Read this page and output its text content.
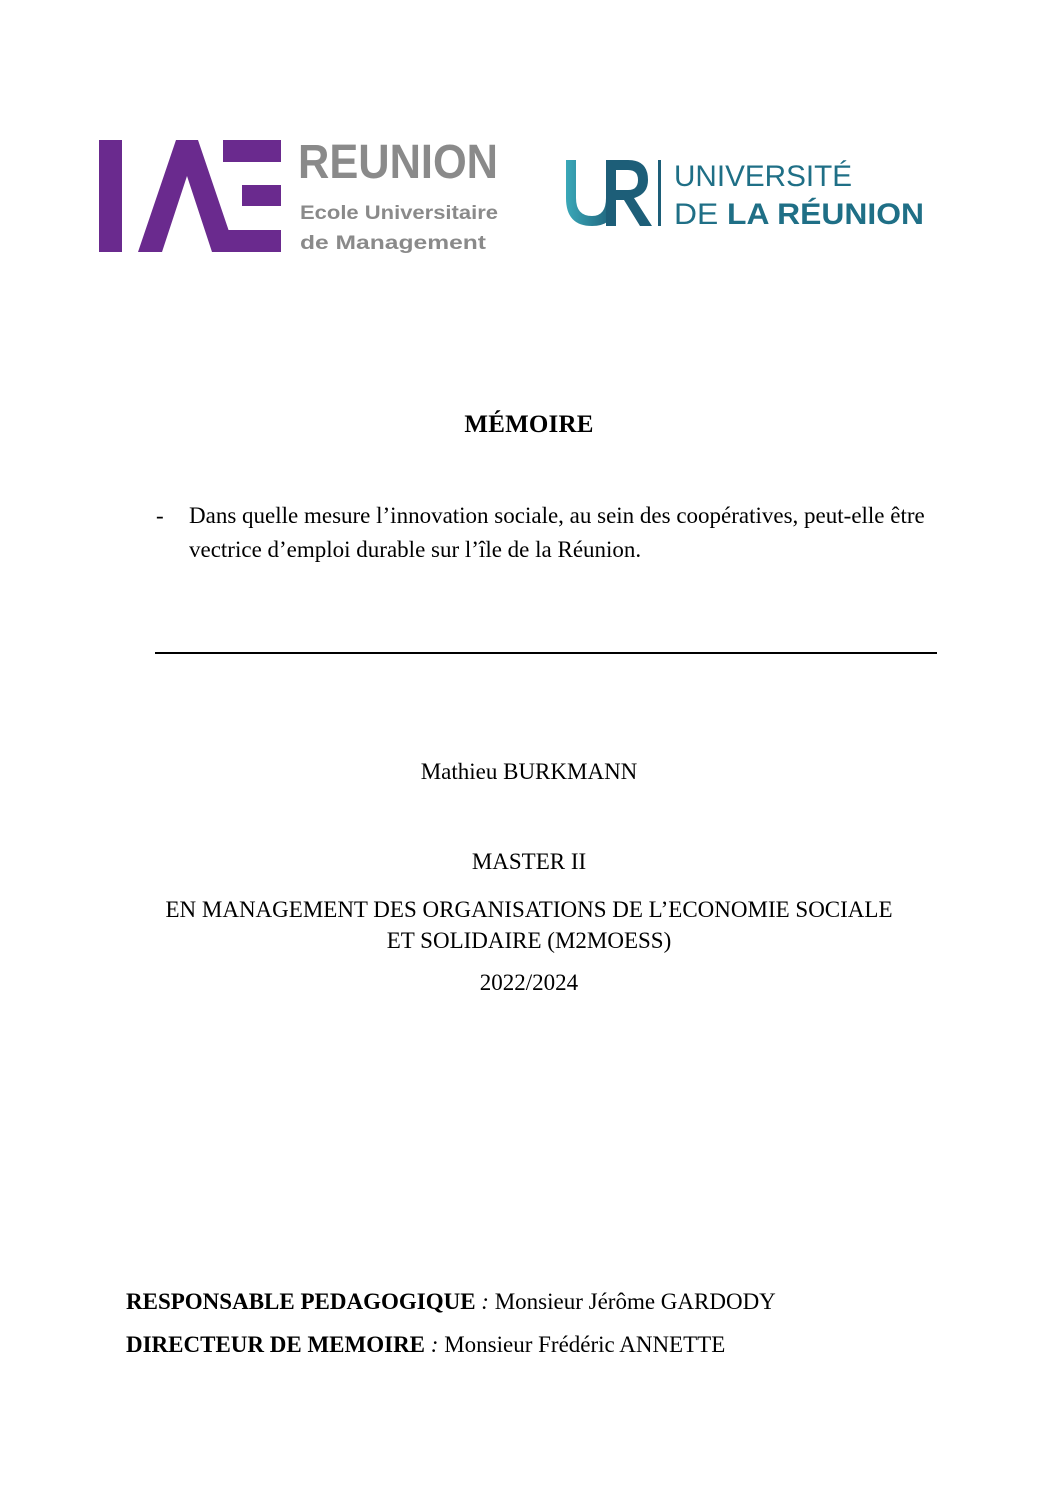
REUNION
Ecole Universitaire
de Management
UNIVERSITÉ
DE LA RÉUNION
MÉMOIRE
- Dans quelle mesure l’innovation sociale, au sein des coopératives, peut-elle être vectrice d’emploi durable sur l’île de la Réunion.
Mathieu BURKMANN
MASTER II
EN MANAGEMENT DES ORGANISATIONS DE L’ECONOMIE SOCIALE
ET SOLIDAIRE (M2MOESS)
2022/2024
RESPONSABLE PEDAGOGIQUE : Monsieur Jérôme GARDODY
DIRECTEUR DE MEMOIRE : Monsieur Frédéric ANNETTE
